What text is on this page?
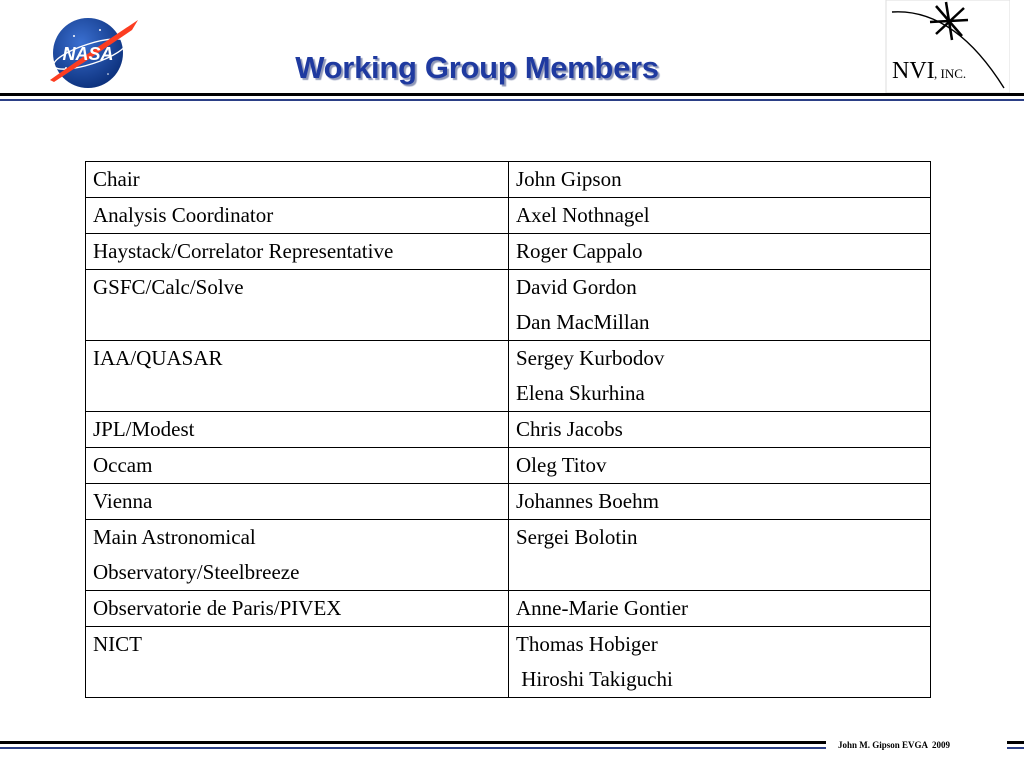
NASA	Working Group Members	NVI , INC.
Chair	John Gipson

Analysis Coordinator	Axel Nothnagel

Haystack/Correlator Representative	Roger Cappalo

GSFC/Calc/Solve	David Gordon
Dan MacMillan

IAA/QUASAR	Sergey Kurbodov
Elena Skurhina

JPL/Modest	Chris Jacobs

Occam	Oleg Titov

Vienna	Johannes Boehm

Main Astronomical
Observatory/Steelbreeze	Sergei Bolotin

Observatorie de Paris/PIVEX	Anne-Marie Gontier

NICT	Thomas Hobiger
Hiroshi Takiguchi
John M. Gipson EVGA  2009
